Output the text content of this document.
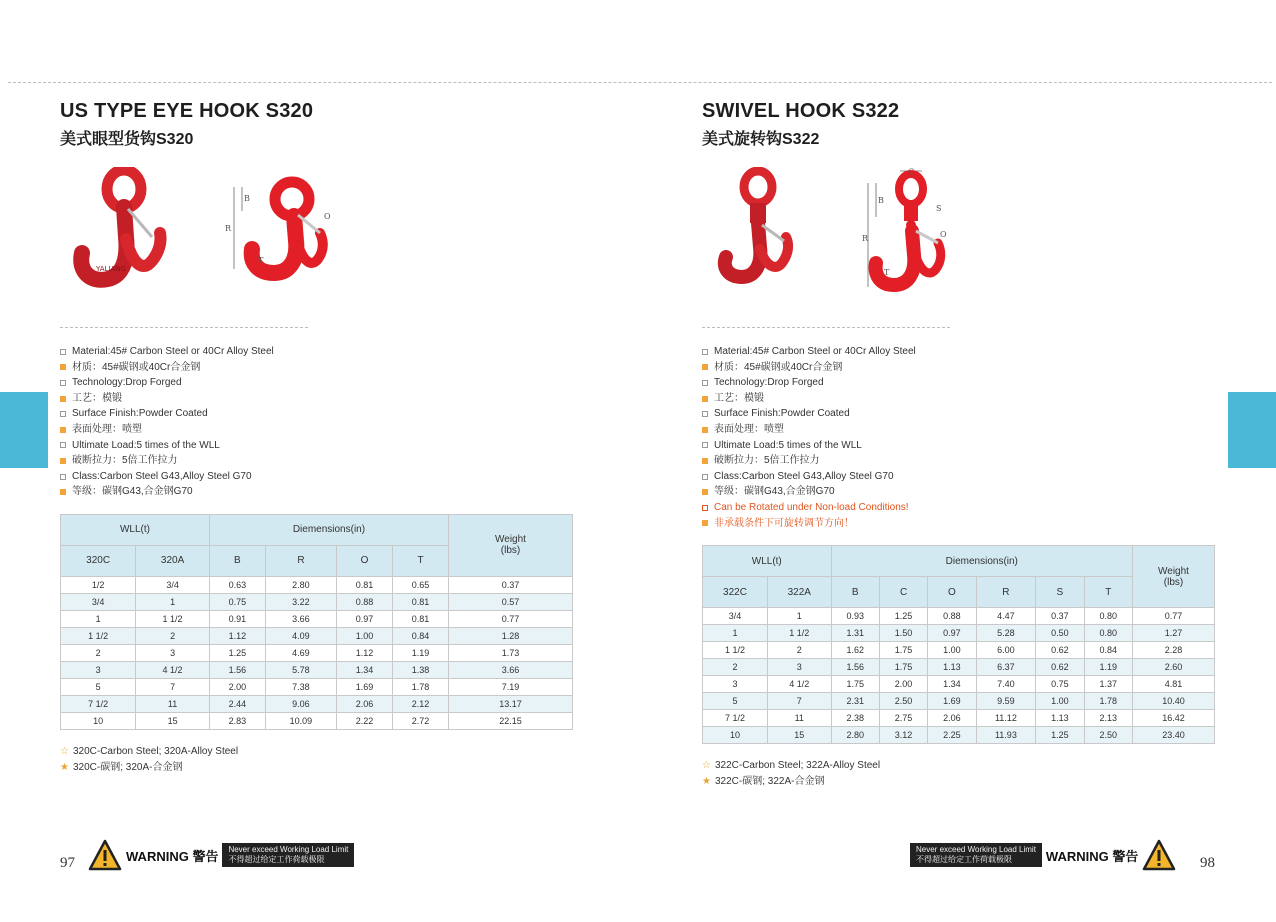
US TYPE EYE HOOK S320
美式眼型货钩S320
YALIANG
B
R
O
T
Material:45# Carbon Steel or 40Cr Alloy Steel
材质：45#碳钢或40Cr合金钢
Technology:Drop Forged
工艺：模锻
Surface Finish:Powder Coated
表面处理：喷塑
Ultimate Load:5 times of the WLL
破断拉力：5倍工作拉力
Class:Carbon Steel G43,Alloy Steel G70
等级：碳钢G43,合金钢G70
WLL(t)		Diemensions(in)				Weight
(lbs)
320C	320A	B	R	O	T	
1/2	3/4	0.63	2.80	0.81	0.65	0.37
3/4	1	0.75	3.22	0.88	0.81	0.57
1	1 1/2	0.91	3.66	0.97	0.81	0.77
1 1/2	2	1.12	4.09	1.00	0.84	1.28
2	3	1.25	4.69	1.12	1.19	1.73
3	4 1/2	1.56	5.78	1.34	1.38	3.66
5	7	2.00	7.38	1.69	1.78	7.19
7 1/2	11	2.44	9.06	2.06	2.12	13.17
10	15	2.83	10.09	2.22	2.72	22.15
☆ 320C-Carbon Steel; 320A-Alloy Steel
★ 320C-碳钢; 320A-合金钢
SWIVEL HOOK S322
美式旋转钩S322
C
B
S
R	O
T
Material:45# Carbon Steel or 40Cr Alloy Steel
材质：45#碳钢或40Cr合金钢
Technology:Drop Forged
工艺：模锻
Surface Finish:Powder Coated
表面处理：喷塑
Ultimate Load:5 times of the WLL
破断拉力：5倍工作拉力
Class:Carbon Steel G43,Alloy Steel G70
等级：碳钢G43,合金钢G70
Can be Rotated under Non-load Conditions!
非承载条件下可旋转调节方向！
WLL(t)		Diemensions(in)						Weight
(lbs)
322C	322A	B	C	O	R	S	T	
3/4	1	0.93	1.25	0.88	4.47	0.37	0.80	0.77
1	1 1/2	1.31	1.50	0.97	5.28	0.50	0.80	1.27
1 1/2	2	1.62	1.75	1.00	6.00	0.62	0.84	2.28
2	3	1.56	1.75	1.13	6.37	0.62	1.19	2.60
3	4 1/2	1.75	2.00	1.34	7.40	0.75	1.37	4.81
5	7	2.31	2.50	1.69	9.59	1.00	1.78	10.40
7 1/2	11	2.38	2.75	2.06	11.12	1.13	2.13	16.42
10	15	2.80	3.12	2.25	11.93	1.25	2.50	23.40
☆ 322C-Carbon Steel; 322A-Alloy Steel
★ 322C-碳钢; 322A-合金钢
97	98
WARNING 警告	Never exceed Working Load Limit
不得超过给定工作荷载极限
Never exceed Working Load Limit
不得超过给定工作荷载极限	WARNING 警告
